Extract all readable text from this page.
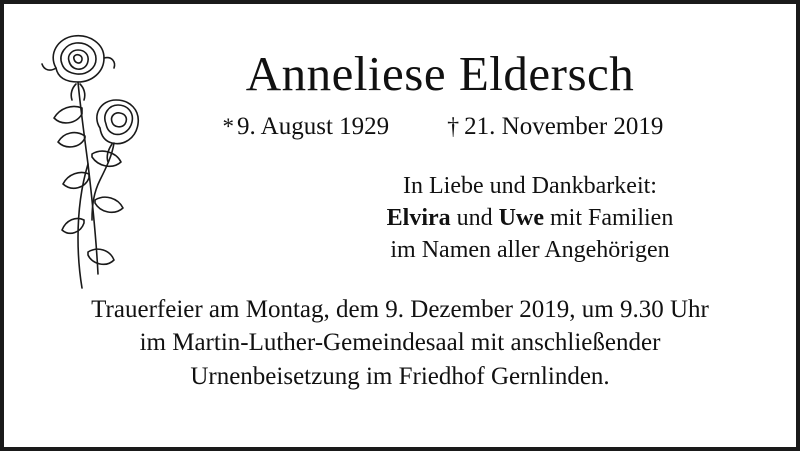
Anneliese Eldersch
* 9. August 1929 † 21. November 2019
In Liebe und Dankbarkeit:
Elvira und Uwe mit Familien
im Namen aller Angehörigen
Trauerfeier am Montag, dem 9. Dezember 2019, um 9.30 Uhr
im Martin-Luther-Gemeindesaal mit anschließender
Urnenbeisetzung im Friedhof Gernlinden.
